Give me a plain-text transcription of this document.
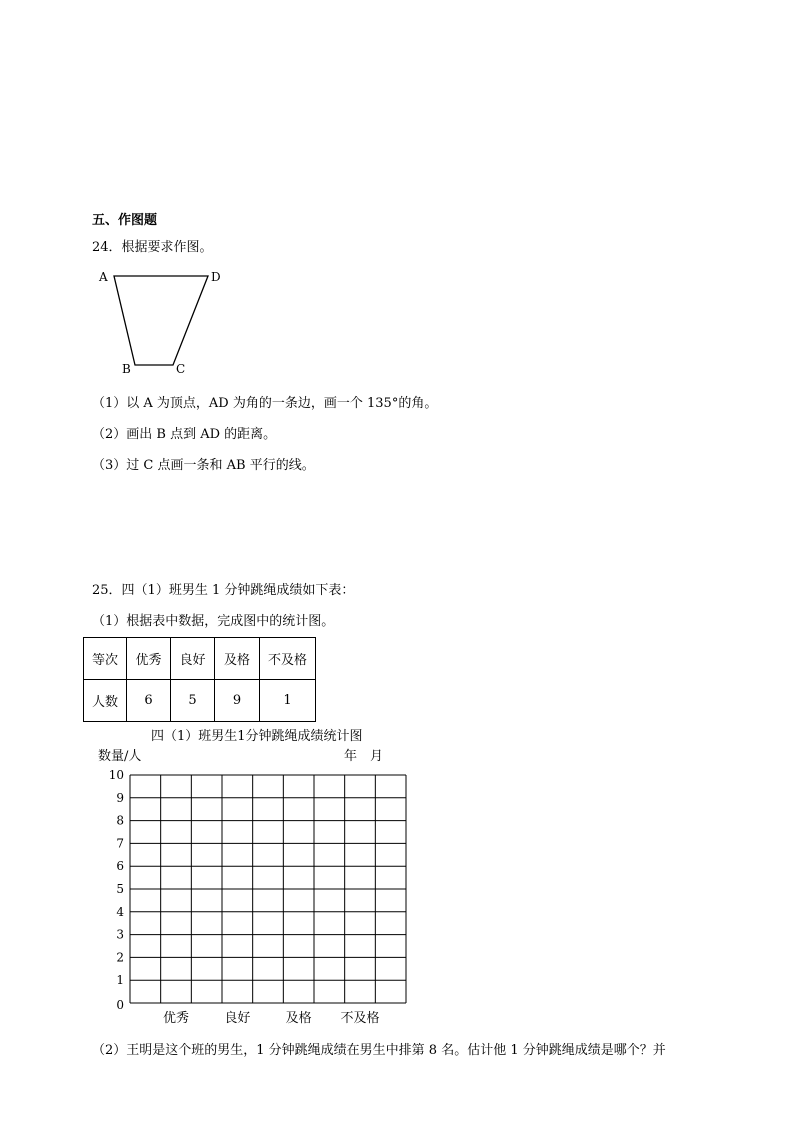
五、作图题
24．根据要求作图。
A	D
B	C
（1）以 A 为顶点，AD 为角的一条边，画一个 135°的角。
（2）画出 B 点到 AD 的距离。
（3）过 C 点画一条和 AB 平行的线。
25．四（1）班男生 1 分钟跳绳成绩如下表：
（1）根据表中数据，完成图中的统计图。
等次	优秀	良好	及格	不及格
人数	6	5	9	1
四（1）班男生1分钟跳绳成绩统计图
数量/人	年　月
0
1
2
3
4
5
6
7
8
9
10
优秀	良好	及格 不及格
（2）王明是这个班的男生，1 分钟跳绳成绩在男生中排第 8 名。估计他 1 分钟跳绳成绩是哪个？并
